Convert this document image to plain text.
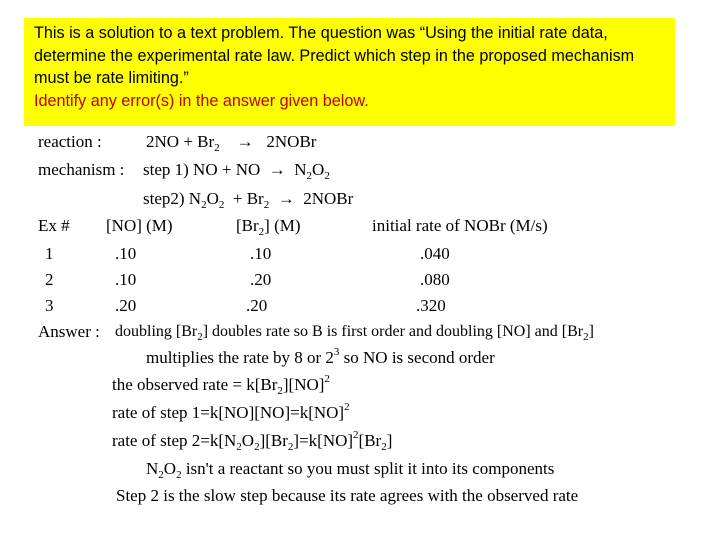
This is a solution to a text problem. The question was “Using the initial rate data, determine the experimental rate law. Predict which step in the proposed mechanism must be rate limiting.”
Identify any error(s) in the answer given below.
reaction :	$2NO + Br_2$ → 2NOBr
mechanism : step 1) NO + NO → $N_2O_2$
step2) $N_2O_2 + Br_2$ → 2NOBr
Ex # [NO] (M)	$[Br_2]$ (M)	initial rate of NOBr (M/s)
1	.10	.10	.040
2	.10	.20	.080
3	.20	.20	.320
Answer : doubling $[Br_2]$ doubles rate so B is first order and doubling [NO] and $[Br_2]$
multiplies the rate by 8 or $2^3$ so NO is second order
the observed rate = $k[Br_2][NO]^2$
rate of step 1=k[NO][NO]=k[NO]$^2$
rate of step $2=k[N_2O_2][Br_2]=k[NO]^2[Br_2]$
$N_2O_2$ isn't a reactant so you must split it into its components
Step 2 is the slow step because its rate agrees with the observed rate
